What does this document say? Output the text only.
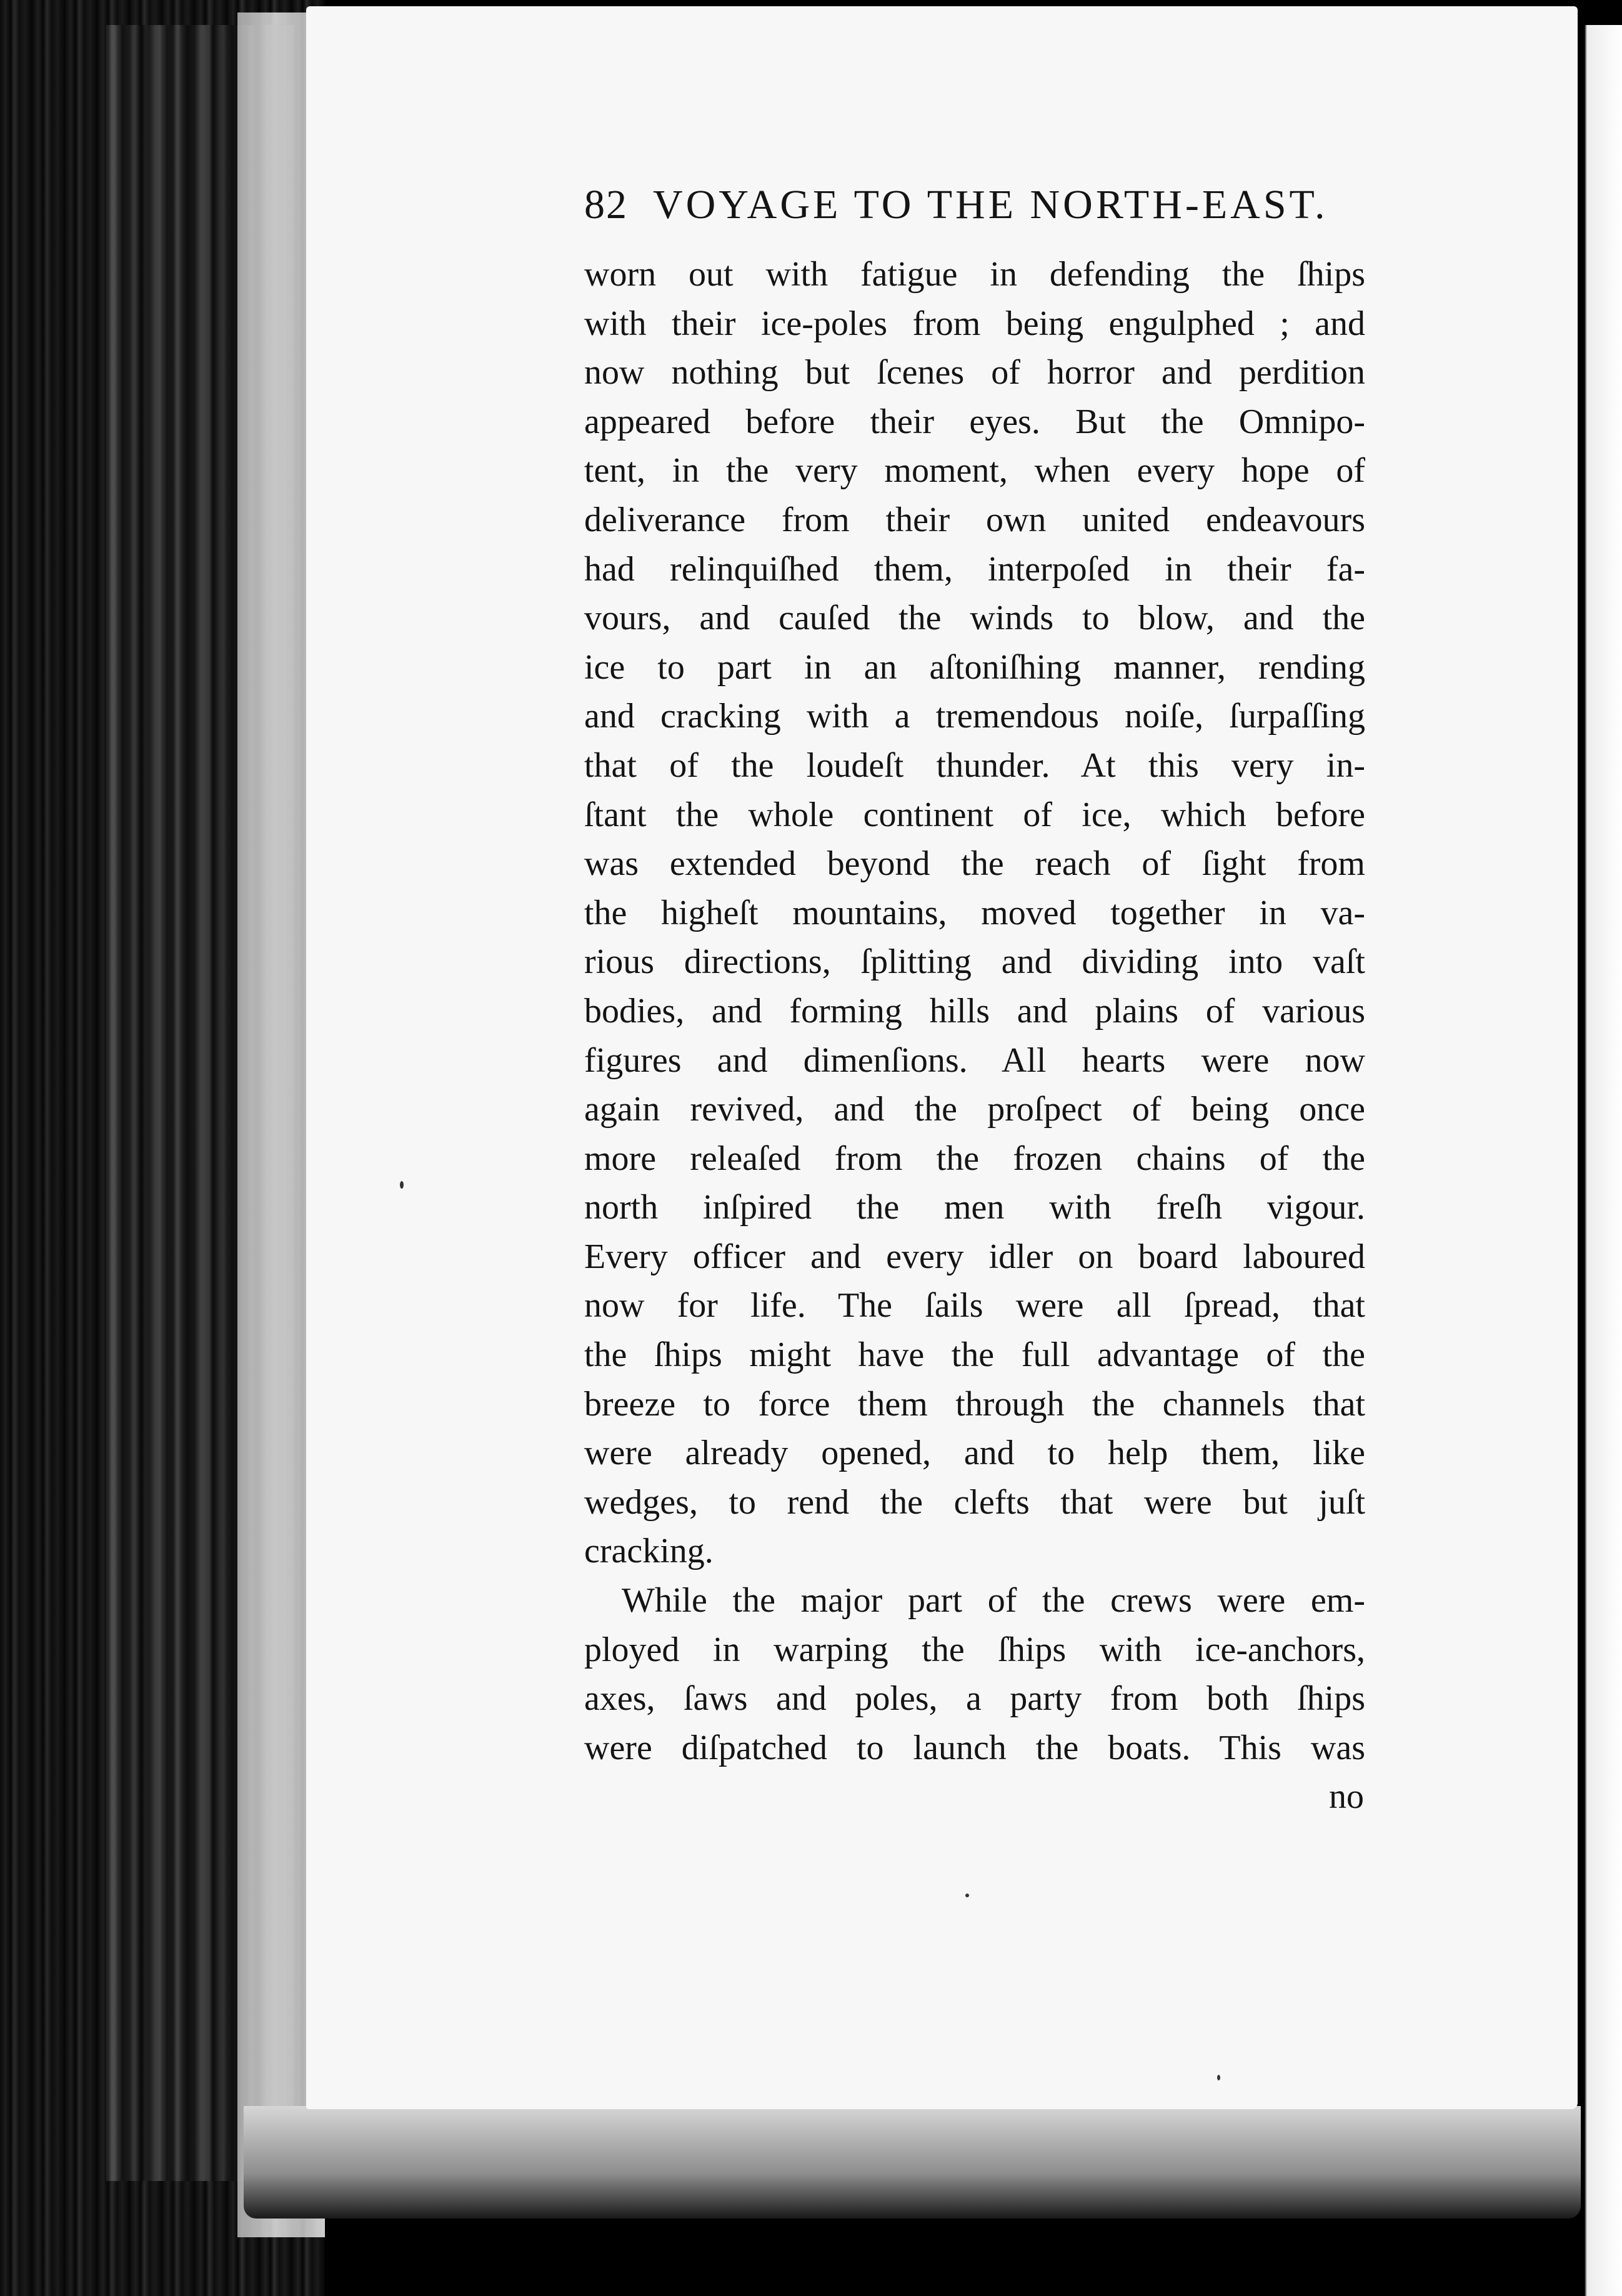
82 VOYAGE TO THE NORTH-EAST.
worn out with fatigue in defending the ſhips
with their ice-poles from being engulphed ; and
now nothing but ſcenes of horror and perdition
appeared before their eyes. But the Omnipo-
tent, in the very moment, when every hope of
deliverance from their own united endeavours
had relinquiſhed them, interpoſed in their fa-
vours, and cauſed the winds to blow, and the
ice to part in an aſtoniſhing manner, rending
and cracking with a tremendous noiſe, ſurpaſſing
that of the loudeſt thunder. At this very in-
ſtant the whole continent of ice, which before
was extended beyond the reach of ſight from
the higheſt mountains, moved together in va-
rious directions, ſplitting and dividing into vaſt
bodies, and forming hills and plains of various
figures and dimenſions. All hearts were now
again revived, and the proſpect of being once
more releaſed from the frozen chains of the
north inſpired the men with freſh vigour.
Every officer and every idler on board laboured
now for life. The ſails were all ſpread, that
the ſhips might have the full advantage of the
breeze to force them through the channels that
were already opened, and to help them, like
wedges, to rend the clefts that were but juſt
cracking.
While the major part of the crews were em-
ployed in warping the ſhips with ice-anchors,
axes, ſaws and poles, a party from both ſhips
were diſpatched to launch the boats. This was
no
